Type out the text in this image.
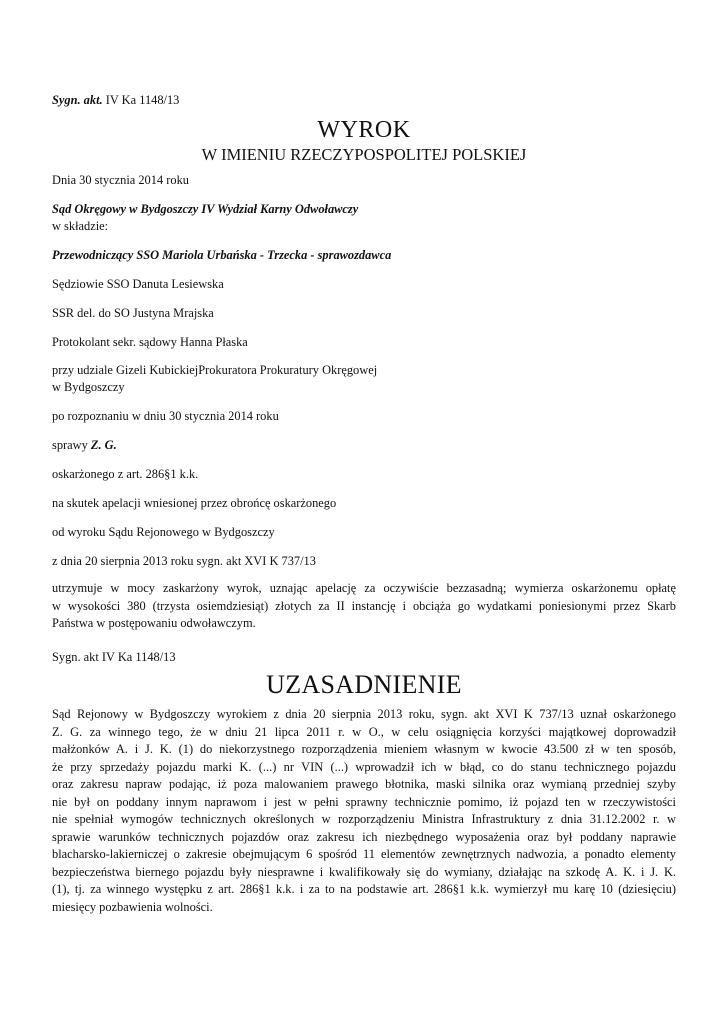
Sygn. akt. IV Ka 1148/13
WYROK
W IMIENIU RZECZYPOSPOLITEJ POLSKIEJ
Dnia 30 stycznia 2014 roku
Sąd Okręgowy w Bydgoszczy IV Wydział Karny Odwoławczy
w składzie:
Przewodniczący SSO Mariola Urbańska - Trzecka - sprawozdawca
Sędziowie SSO Danuta Lesiewska
SSR del. do SO Justyna Mrajska
Protokolant sekr. sądowy Hanna Płaska
przy udziale Gizeli KubickiejProkuratora Prokuratury Okręgowej
w Bydgoszczy
po rozpoznaniu w dniu 30 stycznia 2014 roku
sprawy Z. G.
oskarżonego z art. 286§1 k.k.
na skutek apelacji wniesionej przez obrońcę oskarżonego
od wyroku Sądu Rejonowego w Bydgoszczy
z dnia 20 sierpnia 2013 roku sygn. akt XVI K 737/13
utrzymuje w mocy zaskarżony wyrok, uznając apelację za oczywiście bezzasadną; wymierza oskarżonemu opłatę
w wysokości 380 (trzysta osiemdziesiąt) złotych za II instancję i obciąża go wydatkami poniesionymi przez Skarb
Państwa w postępowaniu odwoławczym.
Sygn. akt IV Ka 1148/13
UZASADNIENIE
Sąd Rejonowy w Bydgoszczy wyrokiem z dnia 20 sierpnia 2013 roku, sygn. akt XVI K 737/13 uznał oskarżonego
Z. G. za winnego tego, że w dniu 21 lipca 2011 r. w O., w celu osiągnięcia korzyści majątkowej doprowadził
małżonków A. i J. K. (1) do niekorzystnego rozporządzenia mieniem własnym w kwocie 43.500 zł w ten sposób,
że przy sprzedaży pojazdu marki K. (...) nr VIN (...) wprowadził ich w błąd, co do stanu technicznego pojazdu
oraz zakresu napraw podając, iż poza malowaniem prawego błotnika, maski silnika oraz wymianą przedniej szyby
nie był on poddany innym naprawom i jest w pełni sprawny technicznie pomimo, iż pojazd ten w rzeczywistości
nie spełniał wymogów technicznych określonych w rozporządzeniu Ministra Infrastruktury z dnia 31.12.2002 r. w
sprawie warunków technicznych pojazdów oraz zakresu ich niezbędnego wyposażenia oraz był poddany naprawie
blacharsko-lakierniczej o zakresie obejmującym 6 spośród 11 elementów zewnętrznych nadwozia, a ponadto elementy
bezpieczeństwa biernego pojazdu były niesprawne i kwalifikowały się do wymiany, działając na szkodę A. K. i J. K.
(1), tj. za winnego występku z art. 286§1 k.k. i za to na podstawie art. 286§1 k.k. wymierzył mu karę 10 (dziesięciu)
miesięcy pozbawienia wolności.
